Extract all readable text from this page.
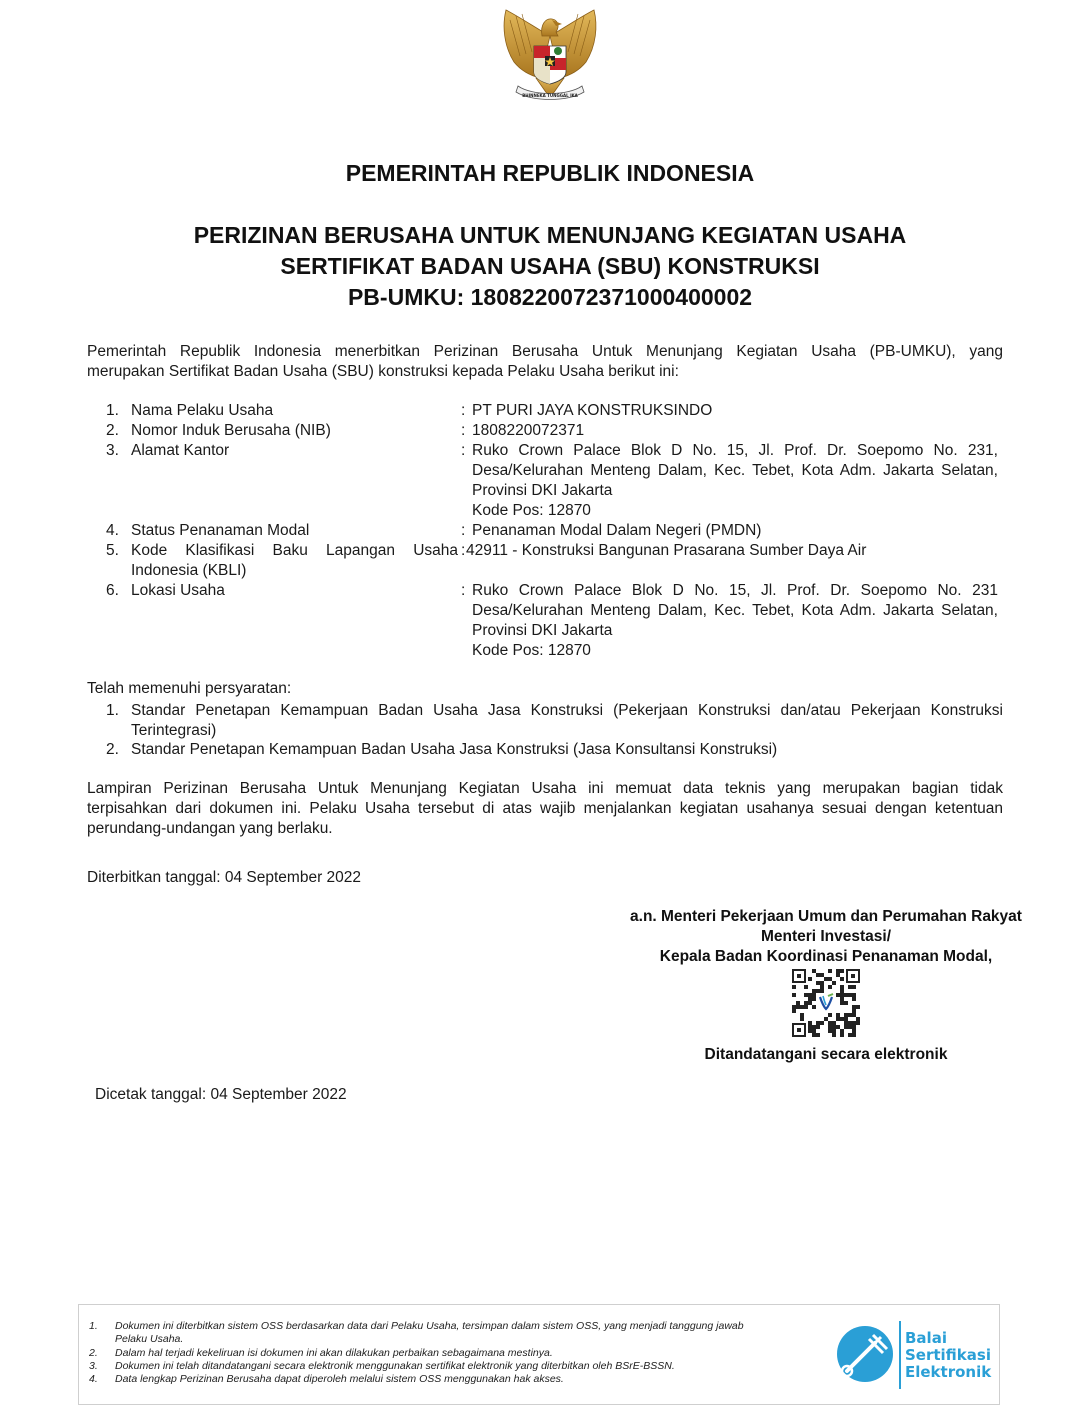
BHINNEKA TUNGGAL IKA
PEMERINTAH REPUBLIK INDONESIA
PERIZINAN BERUSAHA UNTUK MENUNJANG KEGIATAN USAHA
SERTIFIKAT BADAN USAHA (SBU) KONSTRUKSI
PB-UMKU: 1808220072371000400002
Pemerintah Republik Indonesia menerbitkan Perizinan Berusaha Untuk Menunjang Kegiatan Usaha (PB-UMKU), yang
merupakan Sertifikat Badan Usaha (SBU) konstruksi kepada Pelaku Usaha berikut ini:
1. Nama Pelaku Usaha	: PT PURI JAYA KONSTRUKSINDO
2. Nomor Induk Berusaha (NIB)	: 1808220072371
3. Alamat Kantor	: Ruko Crown Palace Blok D No. 15, Jl. Prof. Dr. Soepomo No. 231,
Desa/Kelurahan Menteng Dalam, Kec. Tebet, Kota Adm. Jakarta Selatan,
Provinsi DKI Jakarta
Kode Pos: 12870
4. Status Penanaman Modal	: Penanaman Modal Dalam Negeri (PMDN)
5. Kode Klasifikasi Baku Lapangan Usaha
Indonesia (KBLI)
: 42911 - Konstruksi Bangunan Prasarana Sumber Daya Air
6. Lokasi Usaha	: Ruko Crown Palace Blok D No. 15, Jl. Prof. Dr. Soepomo No. 231
Desa/Kelurahan Menteng Dalam, Kec. Tebet, Kota Adm. Jakarta Selatan,
Provinsi DKI Jakarta
Kode Pos: 12870
Telah memenuhi persyaratan:
1. Standar Penetapan Kemampuan Badan Usaha Jasa Konstruksi (Pekerjaan Konstruksi dan/atau Pekerjaan Konstruksi
Terintegrasi)
2. Standar Penetapan Kemampuan Badan Usaha Jasa Konstruksi (Jasa Konsultansi Konstruksi)
Lampiran Perizinan Berusaha Untuk Menunjang Kegiatan Usaha ini memuat data teknis yang merupakan bagian tidak
terpisahkan dari dokumen ini. Pelaku Usaha tersebut di atas wajib menjalankan kegiatan usahanya sesuai dengan ketentuan
perundang-undangan yang berlaku.
Diterbitkan tanggal: 04 September 2022
a.n. Menteri Pekerjaan Umum dan Perumahan Rakyat
Menteri Investasi/
Kepala Badan Koordinasi Penanaman Modal,
Ditandatangani secara elektronik
Dicetak tanggal: 04 September 2022
1. Dokumen ini diterbitkan sistem OSS berdasarkan data dari Pelaku Usaha, tersimpan dalam sistem OSS, yang menjadi tanggung jawab
Pelaku Usaha.
2. Dalam hal terjadi kekeliruan isi dokumen ini akan dilakukan perbaikan sebagaimana mestinya.
3. Dokumen ini telah ditandatangani secara elektronik menggunakan sertifikat elektronik yang diterbitkan oleh BSrE-BSSN.
4. Data lengkap Perizinan Berusaha dapat diperoleh melalui sistem OSS menggunakan hak akses.
Balai
Sertifikasi
Elektronik
